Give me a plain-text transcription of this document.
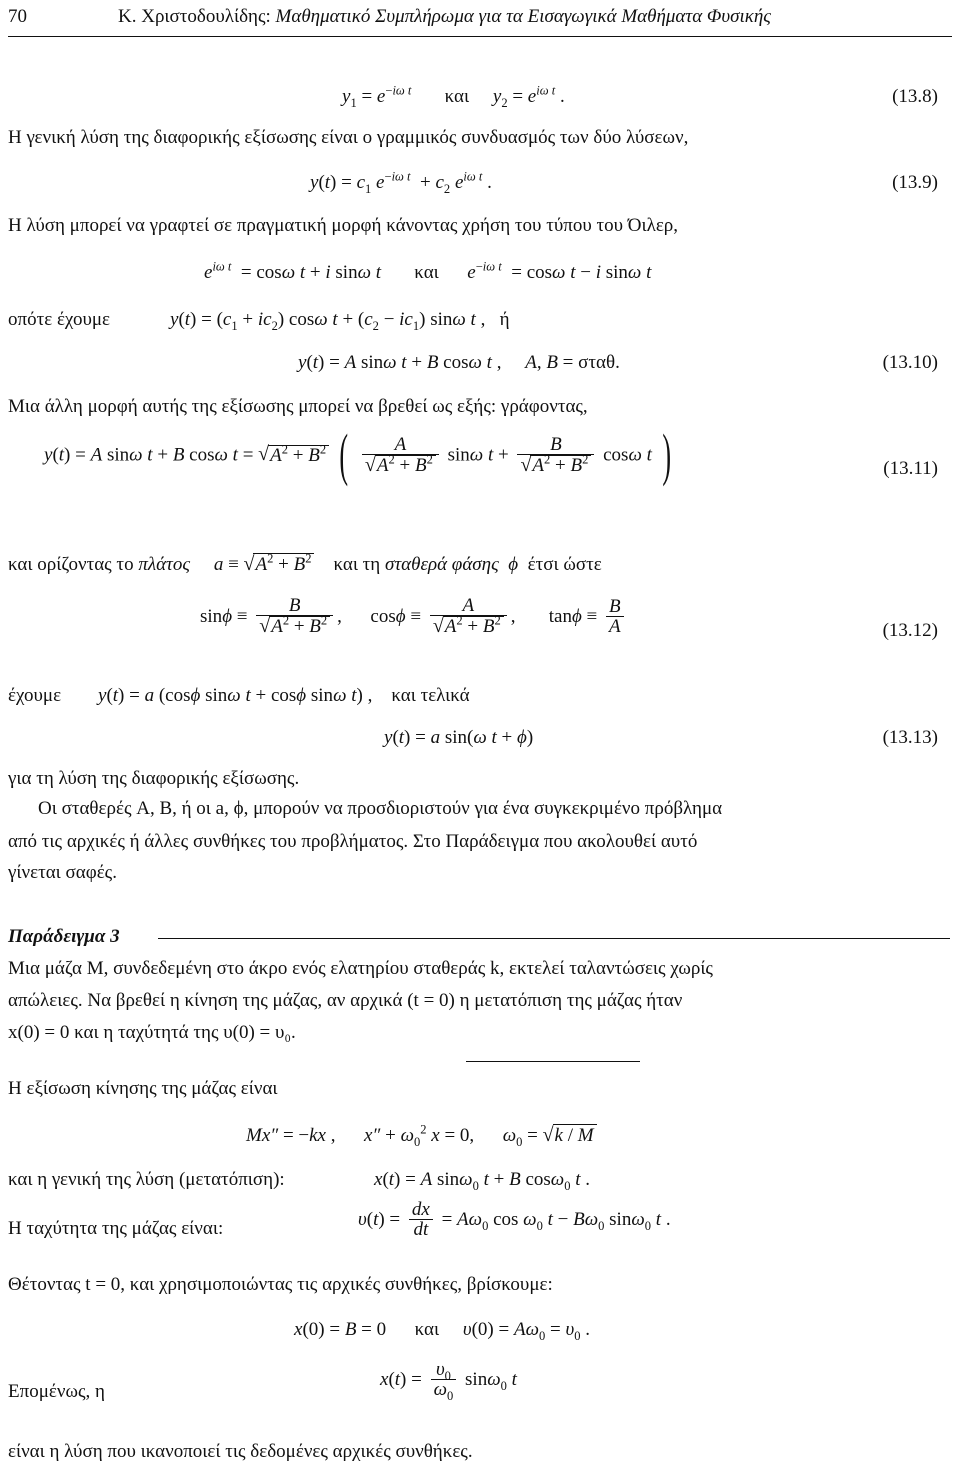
70	Κ. Χριστοδουλίδης: Μαθηματικό Συμπλήρωμα για τα Εισαγωγικά Μαθήματα Φυσικής
$y_1 = e^{-i\omega t}$ και $y_2 = e^{i\omega t}$ .	(13.8)
Η γενική λύση της διαφορικής εξίσωσης είναι ο γραμμικός συνδυασμός των δύο λύσεων,
$y(t) = c_1$ $e^{-i\omega t} + c_2$ $e^{i\omega t}$ .	(13.9)
Η λύση μπορεί να γραφτεί σε πραγματική μορφή κάνοντας χρήση του τύπου του Όιλερ,
$e^{i\omega t} = \cos\omega$ t + i sinω t και $e^{-i\omega t} = \cos\omega$ t − i sinω t
οπότε έχουμε	$y(t) = (c_1 + ic_2)$ cosω $t + (c_2 - ic_1)$ sinω t ,   ή
y(t) = A sinω t + B cosω t ,     A, B = σταθ.	(13.10)
Μια άλλη μορφή αυτής της εξίσωσης μπορεί να βρεθεί ως εξής: γράφοντας,
y(t) = A sinω t + B cosω $t = √A^2 + B^2$ ( $\frac{A}{√A^2 + B^2}$ sinω $t + \frac{B}{√A^2 + B^2}$ cosω t )	(13.11)
και ορίζοντας το πλάτος $a \equiv √A^2 + B^2$ και τη σταθερά φάσης ϕ έτσι ώστε
$\sin\phi \equiv \frac{B}{√A^2 + B^2}$ , $\cos\phi \equiv \frac{A}{√A^2 + B^2}$ , $\tan\phi \equiv \frac{B}{A}$	(13.12)
έχουμε y(t) = a (cosϕ sinω t + cosϕ sinω t) ,    και τελικά
y(t) = a sin(ω t + ϕ)	(13.13)
για τη λύση της διαφορικής εξίσωσης.
Οι σταθερές A, B, ή οι a, ϕ, μπορούν να προσδιοριστούν για ένα συγκεκριμένο πρόβλημα
από τις αρχικές ή άλλες συνθήκες του προβλήματος. Στο Παράδειγμα που ακολουθεί αυτό
γίνεται σαφές.
Παράδειγμα 3
Μια μάζα M, συνδεδεμένη στο άκρο ενός ελατηρίου σταθεράς k, εκτελεί ταλαντώσεις χωρίς
απώλειες. Να βρεθεί η κίνηση της μάζας, αν αρχικά (t = 0) η μετατόπιση της μάζας ήταν
x(0) = 0 και η ταχύτητά της υ(0) = υ₀.
Η εξίσωση κίνησης της μάζας είναι
Mx″ = −kx ,      $x'' + \omega_0^2$ x = 0,      $\omega_0 = √k / M$
και η γενική της λύση (μετατόπιση):	x(t) = A sinω$_0$ t + B cosω$_0$ t .
Η ταχύτητα της μάζας είναι:	$\upsilon(t) = \frac{dx}{dt} = A\omega_0$ $\cos \omega_0$ $t - B\omega_0$ sinω$_0$ t .
Θέτοντας t = 0, και χρησιμοποιώντας τις αρχικές συνθήκες, βρίσκουμε:
x(0) = B = 0      και $\upsilon(0) = A\omega_0 = \upsilon_0$ .
Επομένως, η
$x(t) = \frac{\upsilon_0}{\omega_0} \sin\omega_0$ t
είναι η λύση που ικανοποιεί τις δεδομένες αρχικές συνθήκες.
